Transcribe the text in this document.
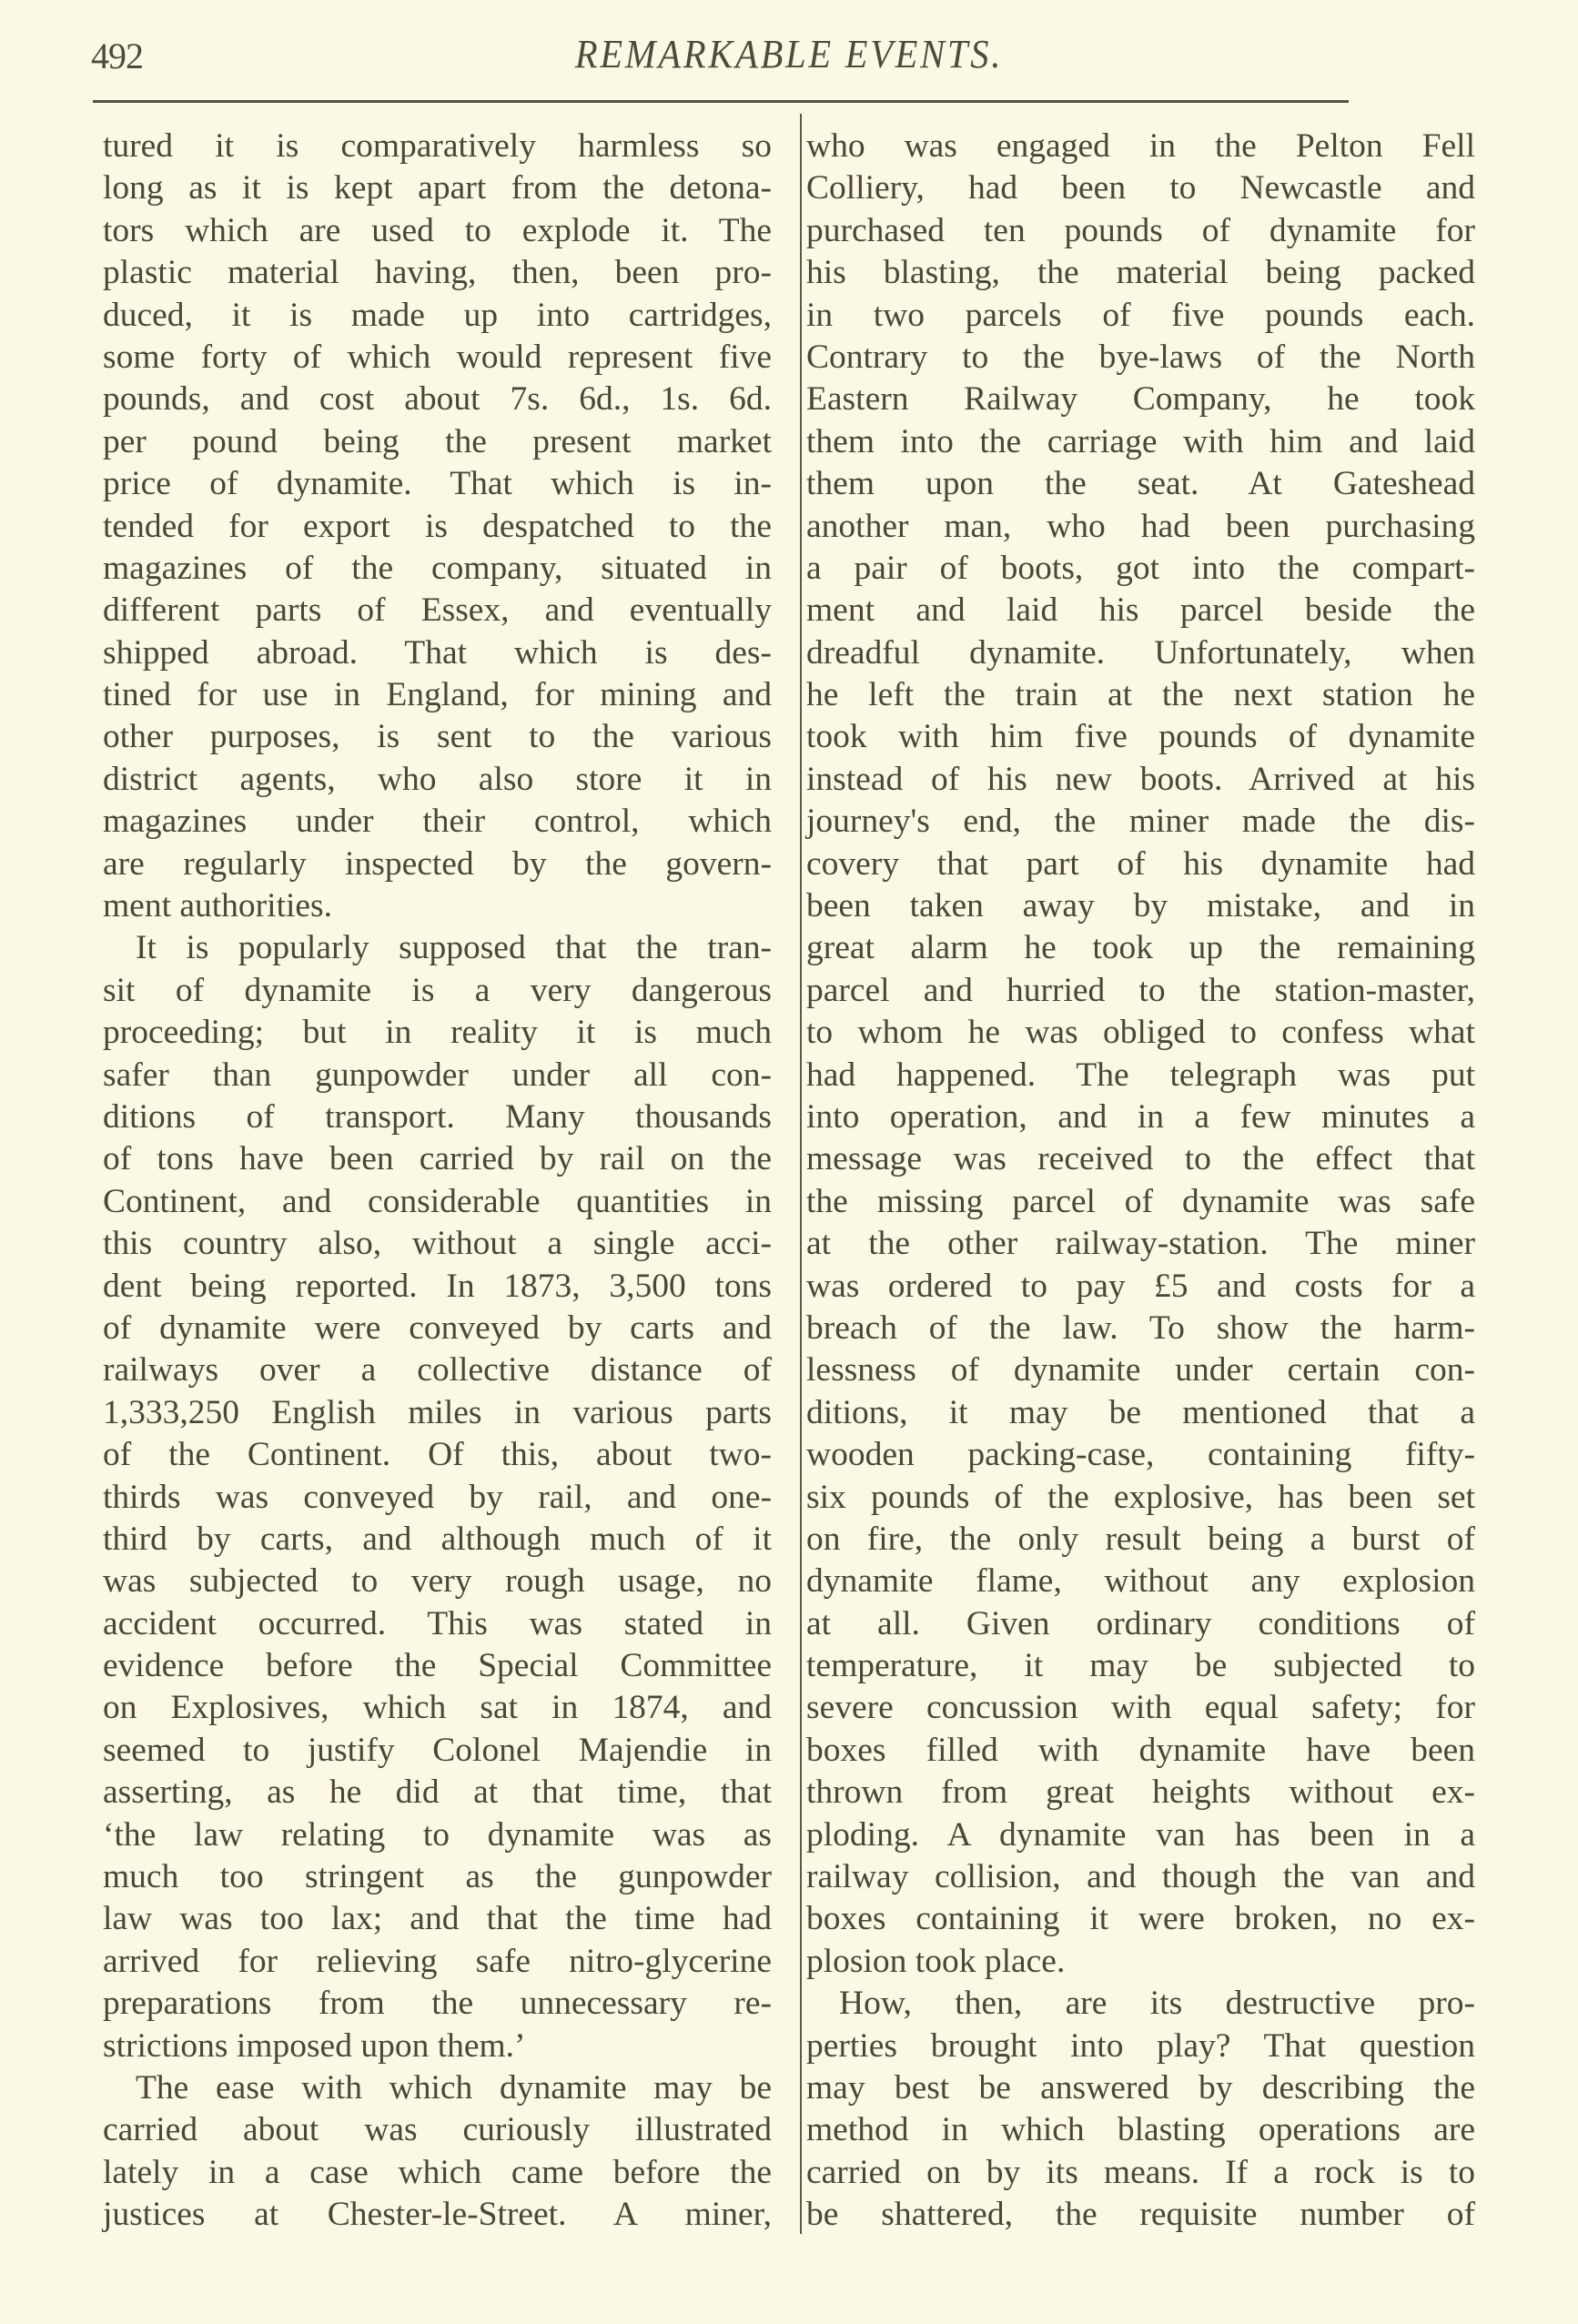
492	REMARKABLE EVENTS.
tured it is comparatively harmless so
long as it is kept apart from the detona-
tors which are used to explode it. The
plastic material having, then, been pro-
duced, it is made up into cartridges,
some forty of which would represent five
pounds, and cost about 7s. 6d., 1s. 6d.
per pound being the present market
price of dynamite. That which is in-
tended for export is despatched to the
magazines of the company, situated in
different parts of Essex, and eventually
shipped abroad. That which is des-
tined for use in England, for mining and
other purposes, is sent to the various
district agents, who also store it in
magazines under their control, which
are regularly inspected by the govern-
ment authorities.
It is popularly supposed that the tran-
sit of dynamite is a very dangerous
proceeding; but in reality it is much
safer than gunpowder under all con-
ditions of transport. Many thousands
of tons have been carried by rail on the
Continent, and considerable quantities in
this country also, without a single acci-
dent being reported. In 1873, 3,500 tons
of dynamite were conveyed by carts and
railways over a collective distance of
1,333,250 English miles in various parts
of the Continent. Of this, about two-
thirds was conveyed by rail, and one-
third by carts, and although much of it
was subjected to very rough usage, no
accident occurred. This was stated in
evidence before the Special Committee
on Explosives, which sat in 1874, and
seemed to justify Colonel Majendie in
asserting, as he did at that time, that
‘the law relating to dynamite was as
much too stringent as the gunpowder
law was too lax; and that the time had
arrived for relieving safe nitro-glycerine
preparations from the unnecessary re-
strictions imposed upon them.’
The ease with which dynamite may be
carried about was curiously illustrated
lately in a case which came before the
justices at Chester-le-Street. A miner,
who was engaged in the Pelton Fell
Colliery, had been to Newcastle and
purchased ten pounds of dynamite for
his blasting, the material being packed
in two parcels of five pounds each.
Contrary to the bye-laws of the North
Eastern Railway Company, he took
them into the carriage with him and laid
them upon the seat. At Gateshead
another man, who had been purchasing
a pair of boots, got into the compart-
ment and laid his parcel beside the
dreadful dynamite. Unfortunately, when
he left the train at the next station he
took with him five pounds of dynamite
instead of his new boots. Arrived at his
journey's end, the miner made the dis-
covery that part of his dynamite had
been taken away by mistake, and in
great alarm he took up the remaining
parcel and hurried to the station-master,
to whom he was obliged to confess what
had happened. The telegraph was put
into operation, and in a few minutes a
message was received to the effect that
the missing parcel of dynamite was safe
at the other railway-station. The miner
was ordered to pay £5 and costs for a
breach of the law. To show the harm-
lessness of dynamite under certain con-
ditions, it may be mentioned that a
wooden packing-case, containing fifty-
six pounds of the explosive, has been set
on fire, the only result being a burst of
dynamite flame, without any explosion
at all. Given ordinary conditions of
temperature, it may be subjected to
severe concussion with equal safety; for
boxes filled with dynamite have been
thrown from great heights without ex-
ploding. A dynamite van has been in a
railway collision, and though the van and
boxes containing it were broken, no ex-
plosion took place.
How, then, are its destructive pro-
perties brought into play? That question
may best be answered by describing the
method in which blasting operations are
carried on by its means. If a rock is to
be shattered, the requisite number of
